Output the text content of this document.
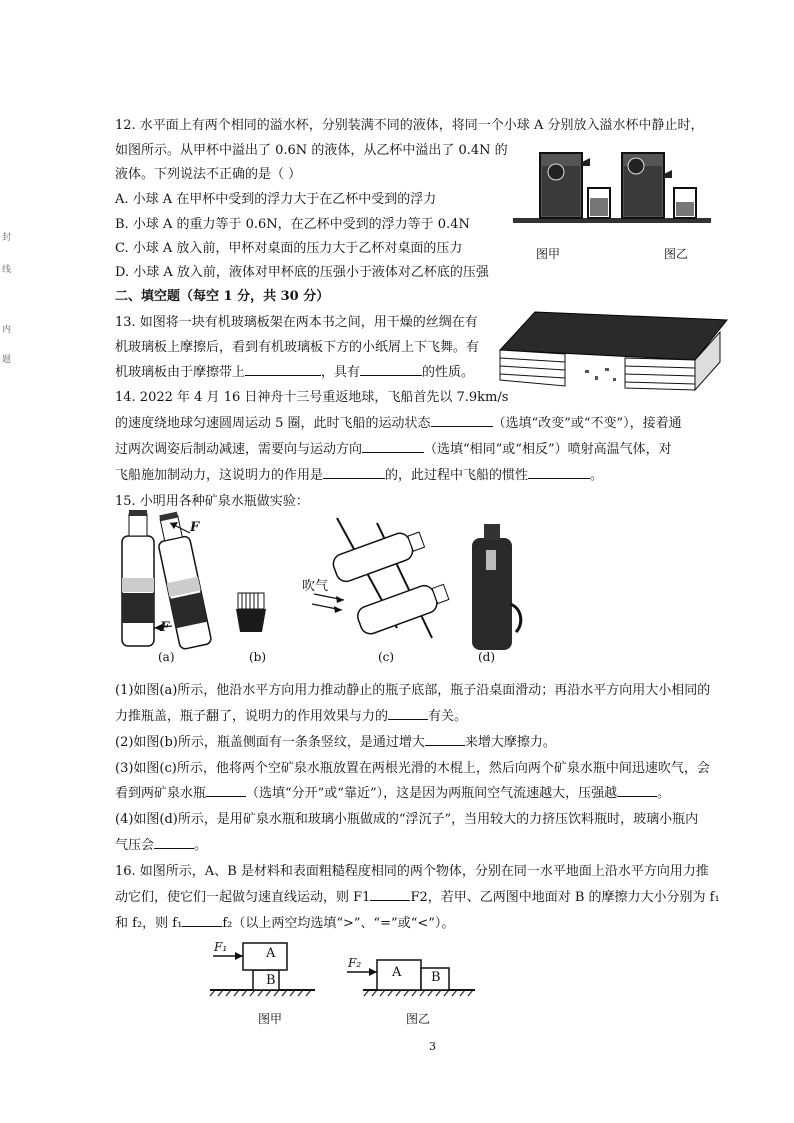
封
线
内
题
12. 水平面上有两个相同的溢水杯，分别装满不同的液体，将同一个小球 A 分别放入溢水杯中静止时，
如图所示。从甲杯中溢出了 0.6N 的液体，从乙杯中溢出了 0.4N 的
液体。下列说法不正确的是（ ）
A. 小球 A 在甲杯中受到的浮力大于在乙杯中受到的浮力
B. 小球 A 的重力等于 0.6N，在乙杯中受到的浮力等于 0.4N
C. 小球 A 放入前，甲杯对桌面的压力大于乙杯对桌面的压力
D. 小球 A 放入前，液体对甲杯底的压强小于液体对乙杯底的压强
图甲	图乙
二、填空题（每空 1 分，共 30 分）
13. 如图将一块有机玻璃板架在两本书之间，用干燥的丝绸在有
机玻璃板上摩擦后，看到有机玻璃板下方的小纸屑上下飞舞。有
机玻璃板由于摩擦带上	，具有	的性质。
14. 2022 年 4 月 16 日神舟十三号重返地球，飞船首先以 7.9km/s
的速度绕地球匀速圆周运动 5 圈，此时飞船的运动状态	（选填“改变”或“不变”），接着通
过两次调姿后制动减速，需要向与运动方向	（选填“相同”或“相反”）喷射高温气体，对
飞船施加制动力，这说明力的作用是	的，此过程中飞船的惯性	。
15. 小明用各种矿泉水瓶做实验：
F
F
吹气
(a)	(b)	(c)	(d)
(1)如图(a)所示，他沿水平方向用力推动静止的瓶子底部，瓶子沿桌面滑动；再沿水平方向用大小相同的
力推瓶盖，瓶子翻了，说明力的作用效果与力的	有关。
(2)如图(b)所示，瓶盖侧面有一条条竖纹，是通过增大	来增大摩擦力。
(3)如图(c)所示，他将两个空矿泉水瓶放置在两根光滑的木棍上，然后向两个矿泉水瓶中间迅速吹气，会
看到两矿泉水瓶	（选填“分开”或“靠近”），这是因为两瓶间空气流速越大，压强越	。
(4)如图(d)所示，是用矿泉水瓶和玻璃小瓶做成的“浮沉子”，当用较大的力挤压饮料瓶时，玻璃小瓶内
气压会	。
16. 如图所示，A、B 是材料和表面粗糙程度相同的两个物体，分别在同一水平地面上沿水平方向用力推
动它们，使它们一起做匀速直线运动，则 F1	F2，若甲、乙两图中地面对 B 的摩擦力大小分别为 f₁
和 f₂，则 f₁	f₂（以上两空均选填“>”、“=”或“<”）。
A
B
F₁
A B
F₂
图甲	图乙
3
